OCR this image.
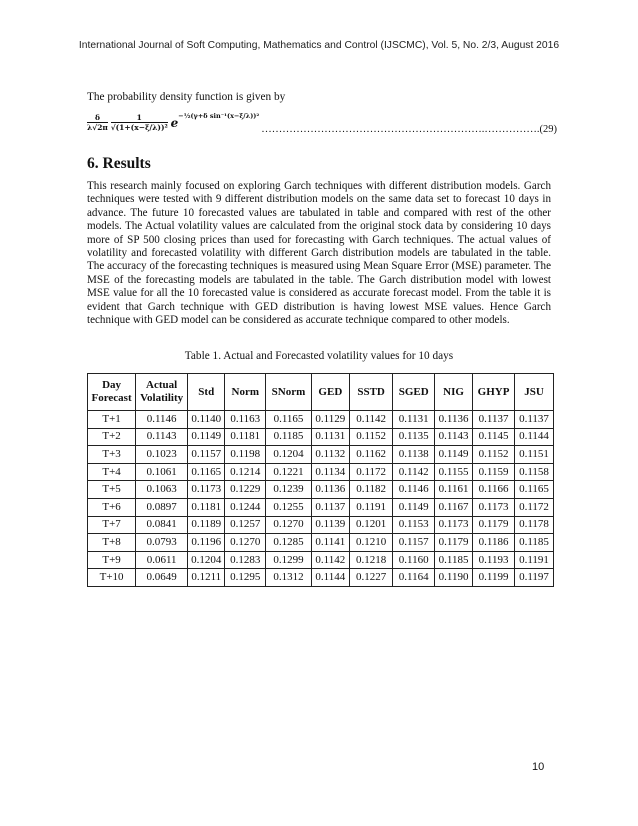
International Journal of Soft Computing, Mathematics and Control (IJSCMC), Vol. 5, No. 2/3, August 2016
The probability density function is given by
$\frac{\delta}{\lambda√2\pi}$
$\frac{1}{\text{√(1+(x−ξ/λ))²}} e^{-\frac{1}{2}(\gamma+\delta sin^{-1}(x-\xi/\lambda))^2}$
……………………………………………………….…………….(29)
6. Results

This research mainly focused on exploring Garch techniques with different distribution models. Garch techniques were tested with 9 different distribution models on the same data set to forecast 10 days in advance. The future 10 forecasted values are tabulated in table and compared with rest of the other models. The Actual volatility values are calculated from the original stock data by considering 10 days more of SP 500 closing prices than used for forecasting with Garch techniques. The actual values of volatility and forecasted volatility with different Garch distribution models are tabulated in the table. The accuracy of the forecasting techniques is measured using Mean Square Error (MSE) parameter. The MSE of the forecasting models are tabulated in the table. The Garch distribution model with lowest MSE value for all the 10 forecasted value is considered as accurate forecast model. From the table it is evident that Garch technique with GED distribution is having lowest MSE values. Hence Garch technique with GED model can be considered as accurate technique compared to other models.

Table 1. Actual and Forecasted volatility values for 10 days
Day Forecast	Actual Volatility	Std	Norm	SNorm	GED	SSTD	SGED	NIG	GHYP	JSU
T+1	0.1146	0.1140	0.1163	0.1165	0.1129	0.1142	0.1131	0.1136	0.1137	0.1137
T+2	0.1143	0.1149	0.1181	0.1185	0.1131	0.1152	0.1135	0.1143	0.1145	0.1144
T+3	0.1023	0.1157	0.1198	0.1204	0.1132	0.1162	0.1138	0.1149	0.1152	0.1151
T+4	0.1061	0.1165	0.1214	0.1221	0.1134	0.1172	0.1142	0.1155	0.1159	0.1158
T+5	0.1063	0.1173	0.1229	0.1239	0.1136	0.1182	0.1146	0.1161	0.1166	0.1165
T+6	0.0897	0.1181	0.1244	0.1255	0.1137	0.1191	0.1149	0.1167	0.1173	0.1172
T+7	0.0841	0.1189	0.1257	0.1270	0.1139	0.1201	0.1153	0.1173	0.1179	0.1178
T+8	0.0793	0.1196	0.1270	0.1285	0.1141	0.1210	0.1157	0.1179	0.1186	0.1185
T+9	0.0611	0.1204	0.1283	0.1299	0.1142	0.1218	0.1160	0.1185	0.1193	0.1191
T+10	0.0649	0.1211	0.1295	0.1312	0.1144	0.1227	0.1164	0.1190	0.1199	0.1197
10
